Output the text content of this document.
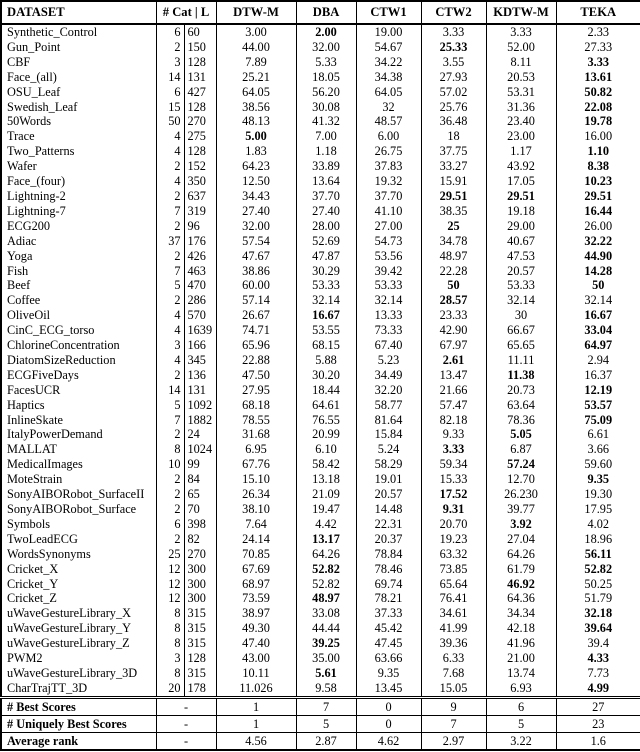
DATASET	# Cat | L		DTW-M	DBA	CTW1	CTW2	KDTW-M	TEKA
Synthetic_Control	6	60	3.00	2.00	19.00	3.33	3.33	2.33
Gun_Point	2	150	44.00	32.00	54.67	25.33	52.00	27.33
CBF	3	128	7.89	5.33	34.22	3.55	8.11	3.33
Face_(all)	14	131	25.21	18.05	34.38	27.93	20.53	13.61
OSU_Leaf	6	427	64.05	56.20	64.05	57.02	53.31	50.82
Swedish_Leaf	15	128	38.56	30.08	32	25.76	31.36	22.08
50Words	50	270	48.13	41.32	48.57	36.48	23.40	19.78
Trace	4	275	5.00	7.00	6.00	18	23.00	16.00
Two_Patterns	4	128	1.83	1.18	26.75	37.75	1.17	1.10
Wafer	2	152	64.23	33.89	37.83	33.27	43.92	8.38
Face_(four)	4	350	12.50	13.64	19.32	15.91	17.05	10.23
Lightning-2	2	637	34.43	37.70	37.70	29.51	29.51	29.51
Lightning-7	7	319	27.40	27.40	41.10	38.35	19.18	16.44
ECG200	2	96	32.00	28.00	27.00	25	29.00	26.00
Adiac	37	176	57.54	52.69	54.73	34.78	40.67	32.22
Yoga	2	426	47.67	47.87	53.56	48.97	47.53	44.90
Fish	7	463	38.86	30.29	39.42	22.28	20.57	14.28
Beef	5	470	60.00	53.33	53.33	50	53.33	50
Coffee	2	286	57.14	32.14	32.14	28.57	32.14	32.14
OliveOil	4	570	26.67	16.67	13.33	23.33	30	16.67
CinC_ECG_torso	4	1639	74.71	53.55	73.33	42.90	66.67	33.04
ChlorineConcentration	3	166	65.96	68.15	67.40	67.97	65.65	64.97
DiatomSizeReduction	4	345	22.88	5.88	5.23	2.61	11.11	2.94
ECGFiveDays	2	136	47.50	30.20	34.49	13.47	11.38	16.37
FacesUCR	14	131	27.95	18.44	32.20	21.66	20.73	12.19
Haptics	5	1092	68.18	64.61	58.77	57.47	63.64	53.57
InlineSkate	7	1882	78.55	76.55	81.64	82.18	78.36	75.09
ItalyPowerDemand	2	24	31.68	20.99	15.84	9.33	5.05	6.61
MALLAT	8	1024	6.95	6.10	5.24	3.33	6.87	3.66
MedicalImages	10	99	67.76	58.42	58.29	59.34	57.24	59.60
MoteStrain	2	84	15.10	13.18	19.01	15.33	12.70	9.35
SonyAIBORobot_SurfaceII	2	65	26.34	21.09	20.57	17.52	26.230	19.30
SonyAIBORobot_Surface	2	70	38.10	19.47	14.48	9.31	39.77	17.95
Symbols	6	398	7.64	4.42	22.31	20.70	3.92	4.02
TwoLeadECG	2	82	24.14	13.17	20.37	19.23	27.04	18.96
WordsSynonyms	25	270	70.85	64.26	78.84	63.32	64.26	56.11
Cricket_X	12	300	67.69	52.82	78.46	73.85	61.79	52.82
Cricket_Y	12	300	68.97	52.82	69.74	65.64	46.92	50.25
Cricket_Z	12	300	73.59	48.97	78.21	76.41	64.36	51.79
uWaveGestureLibrary_X	8	315	38.97	33.08	37.33	34.61	34.34	32.18
uWaveGestureLibrary_Y	8	315	49.30	44.44	45.42	41.99	42.18	39.64
uWaveGestureLibrary_Z	8	315	47.40	39.25	47.45	39.36	41.96	39.4
PWM2	3	128	43.00	35.00	63.66	6.33	21.00	4.33
uWaveGestureLibrary_3D	8	315	10.11	5.61	9.35	7.68	13.74	7.73
CharTrajTT_3D	20	178	11.026	9.58	13.45	15.05	6.93	4.99
# Best Scores	-		1	7	0	9	6	27
# Uniquely Best Scores	-		1	5	0	7	5	23
Average rank	-		4.56	2.87	4.62	2.97	3.22	1.6
